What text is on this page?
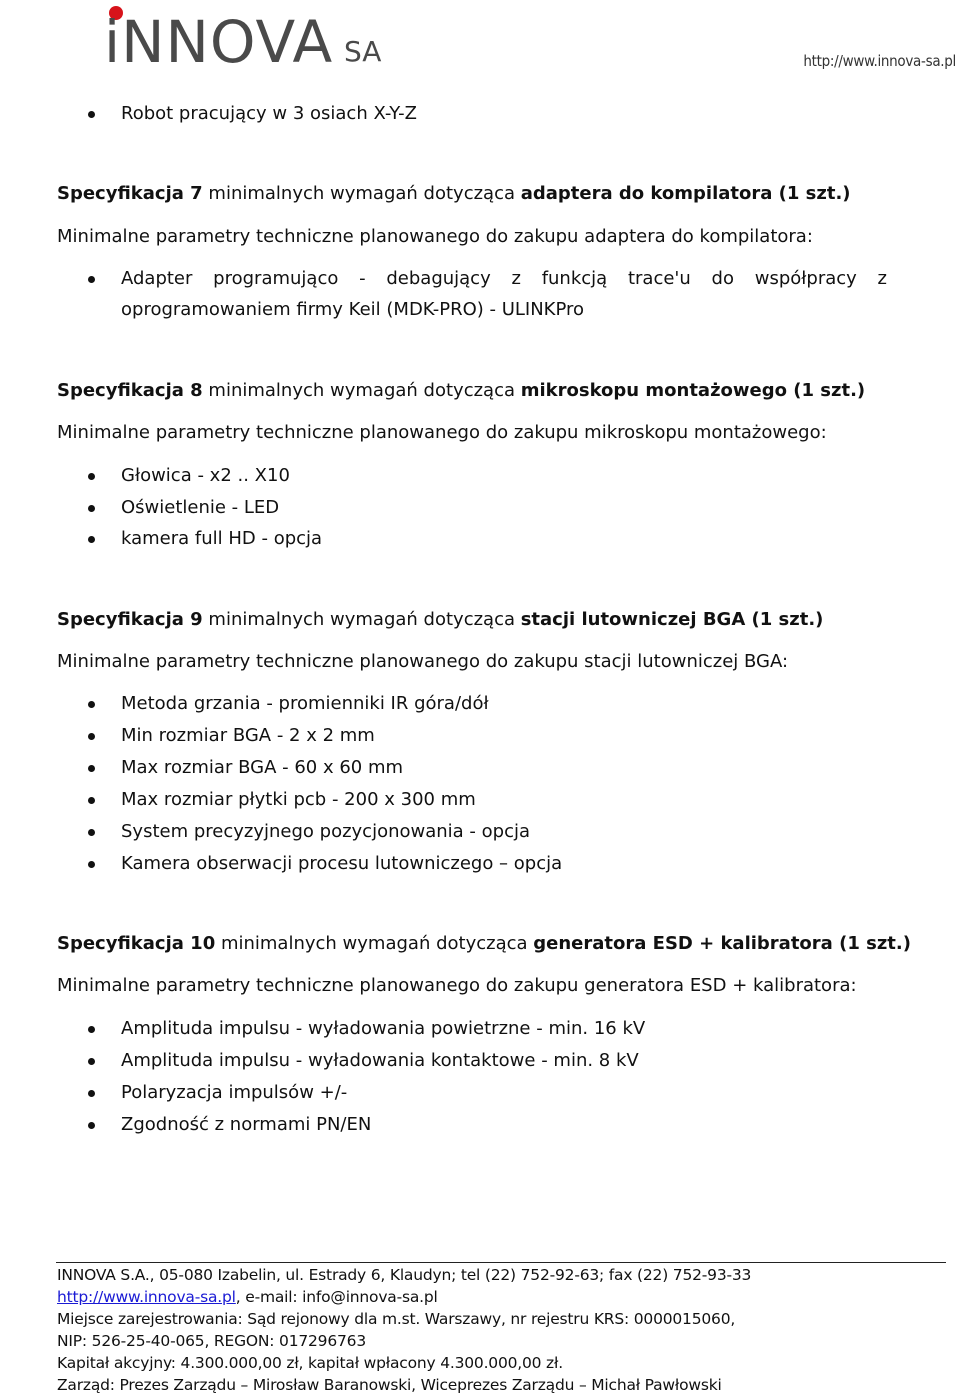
iNNOVA SA	http://www.innova-sa.pl
Robot pracujący w 3 osiach X-Y-Z
Specyfikacja 7 minimalnych wymagań dotycząca adaptera do kompilatora (1 szt.)
Minimalne parametry techniczne planowanego do zakupu adaptera do kompilatora:
Adapter programująco - debagujący z funkcją trace'u do współpracy z
oprogramowaniem firmy Keil (MDK-PRO) - ULINKPro
Specyfikacja 8 minimalnych wymagań dotycząca mikroskopu montażowego (1 szt.)
Minimalne parametry techniczne planowanego do zakupu mikroskopu montażowego:
Głowica - x2 .. X10
Oświetlenie - LED
kamera full HD - opcja
Specyfikacja 9 minimalnych wymagań dotycząca stacji lutowniczej BGA (1 szt.)
Minimalne parametry techniczne planowanego do zakupu stacji lutowniczej BGA:
Metoda grzania - promienniki IR góra/dół
Min rozmiar BGA - 2 x 2 mm
Max rozmiar BGA - 60 x 60 mm
Max rozmiar płytki pcb - 200 x 300 mm
System precyzyjnego pozycjonowania - opcja
Kamera obserwacji procesu lutowniczego – opcja
Specyfikacja 10 minimalnych wymagań dotycząca generatora ESD + kalibratora (1 szt.)
Minimalne parametry techniczne planowanego do zakupu generatora ESD + kalibratora:
Amplituda impulsu - wyładowania powietrzne - min. 16 kV
Amplituda impulsu - wyładowania kontaktowe - min. 8 kV
Polaryzacja impulsów +/-
Zgodność z normami PN/EN
INNOVA S.A., 05-080 Izabelin, ul. Estrady 6, Klaudyn; tel (22) 752-92-63; fax (22) 752-93-33
http://www.innova-sa.pl, e-mail: info@innova-sa.pl
Miejsce zarejestrowania: Sąd rejonowy dla m.st. Warszawy, nr rejestru KRS: 0000015060,
NIP: 526-25-40-065, REGON: 017296763
Kapitał akcyjny: 4.300.000,00 zł, kapitał wpłacony 4.300.000,00 zł.
Zarząd: Prezes Zarządu – Mirosław Baranowski, Wiceprezes Zarządu – Michał Pawłowski
